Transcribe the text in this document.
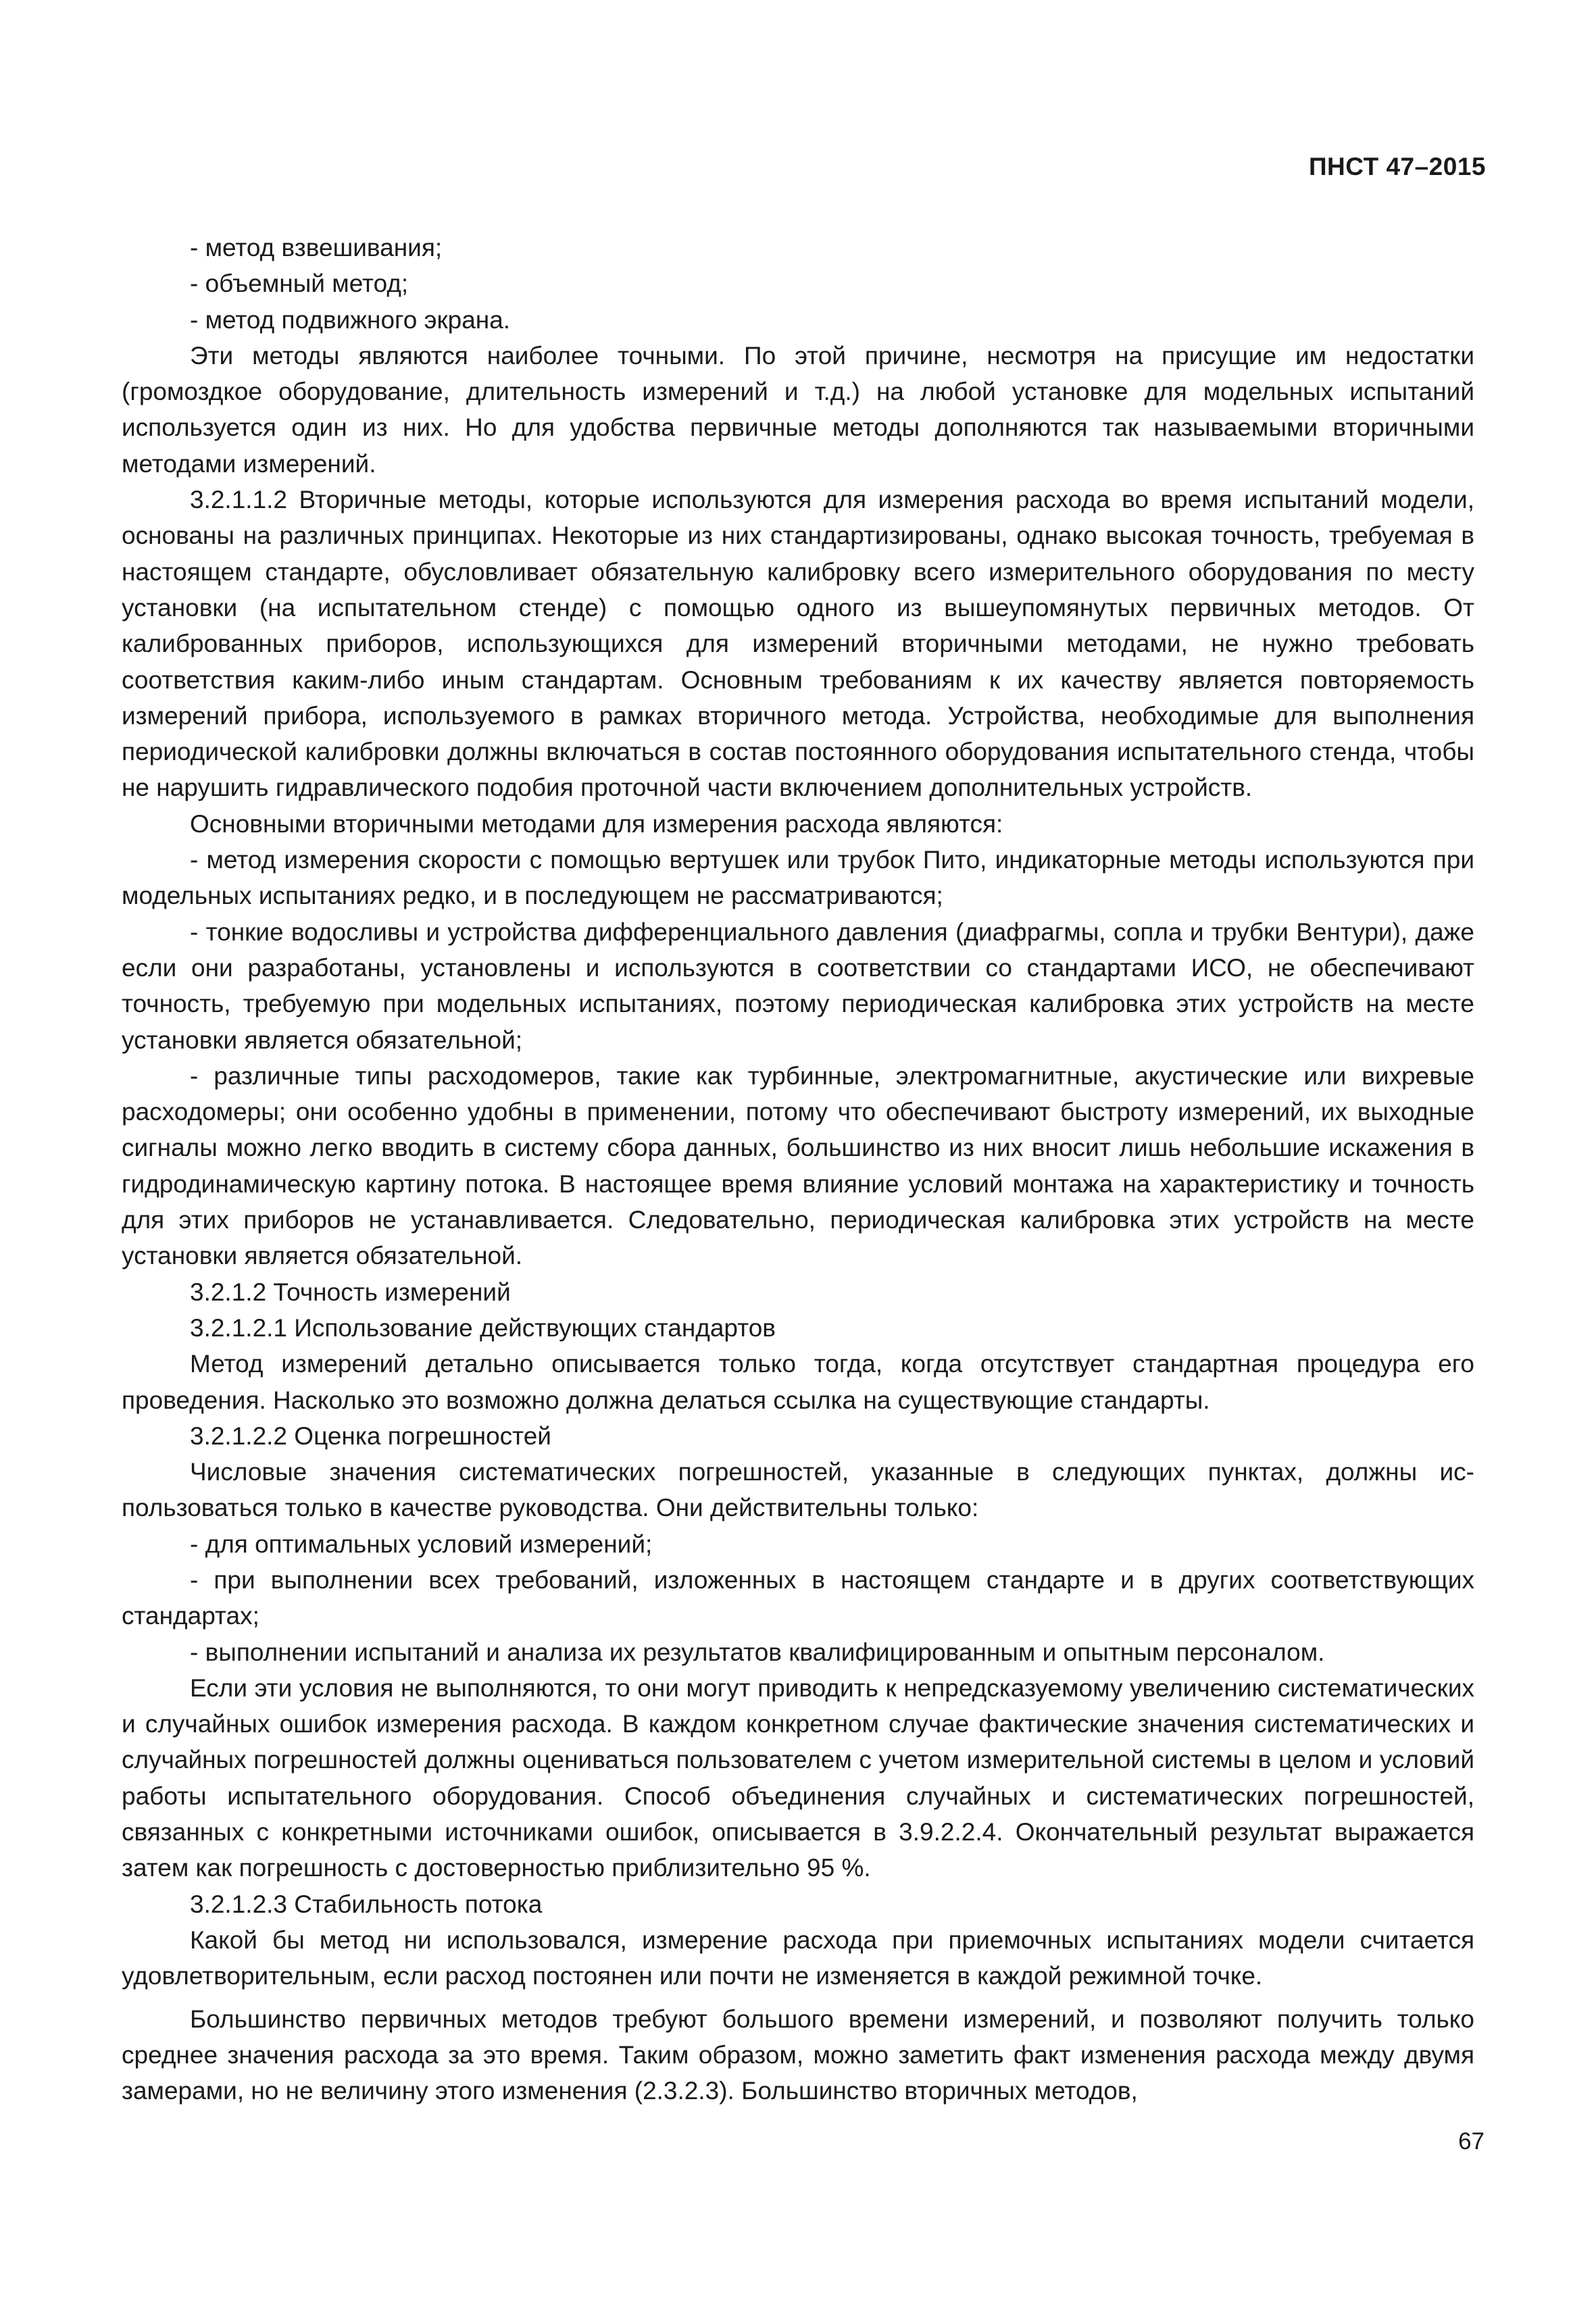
ПНСТ 47–2015

- метод взвешивания;

- объемный метод;

- метод подвижного экрана.

Эти методы являются наиболее точными. По этой причине, несмотря на присущие им недостатки (громоздкое оборудование, длительность измерений и т.д.) на любой установке для модельных испытаний используется один из них. Но для удобства первичные методы дополняются так называемыми вторичными методами измерений.

3.2.1.1.2 Вторичные методы, которые используются для измерения расхода во время испытаний модели, основаны на различных принципах. Некоторые из них стандартизированы, однако высокая точность, требуемая в настоящем стандарте, обусловливает обязательную калибровку всего измерительного оборудования по месту установки (на испытательном стенде) с помощью одного из вышеупомянутых первичных методов. От калиброванных приборов, использующихся для измерений вторичными методами, не нужно требовать соответствия каким-либо иным стандартам. Основным требованиям к их качеству является повторяемость измерений прибора, используемого в рамках вторичного метода. Устройства, необходимые для выполнения периодической калибровки должны включаться в состав постоянного оборудования испытательного стенда, чтобы не нарушить гидравлического подобия проточной части включением дополнительных устройств.

Основными вторичными методами для измерения расхода являются:

- метод измерения скорости с помощью вертушек или трубок Пито, индикаторные методы используются при модельных испытаниях редко, и в последующем не рассматриваются;

- тонкие водосливы и устройства дифференциального давления (диафрагмы, сопла и трубки Вентури), даже если они разработаны, установлены и используются в соответствии со стандартами ИСО, не обеспечивают точность, требуемую при модельных испытаниях, поэтому периодическая калибровка этих устройств на месте установки является обязательной;

- различные типы расходомеров, такие как турбинные, электромагнитные, акустические или вихревые расходомеры; они особенно удобны в применении, потому что обеспечивают быстроту измерений, их выходные сигналы можно легко вводить в систему сбора данных, большинство из них вносит лишь небольшие искажения в гидродинамическую картину потока. В настоящее время влияние условий монтажа на характеристику и точность для этих приборов не устанавливается. Следовательно, периодическая калибровка этих устройств на месте установки является обязательной.

3.2.1.2 Точность измерений

3.2.1.2.1 Использование действующих стандартов

Метод измерений детально описывается только тогда, когда отсутствует стандартная процедура его проведения. Насколько это возможно должна делаться ссылка на существующие стандарты.

3.2.1.2.2 Оценка погрешностей

Числовые значения систематических погрешностей, указанные в следующих пунктах, должны использоваться только в качестве руководства. Они действительны только:

- для оптимальных условий измерений;

- при выполнении всех требований, изложенных в настоящем стандарте и в других соответствующих стандартах;

- выполнении испытаний и анализа их результатов квалифицированным и опытным персоналом.

Если эти условия не выполняются, то они могут приводить к непредсказуемому увеличению систематических и случайных ошибок измерения расхода. В каждом конкретном случае фактические значения систематических и случайных погрешностей должны оцениваться пользователем с учетом измерительной системы в целом и условий работы испытательного оборудования. Способ объединения случайных и систематических погрешностей, связанных с конкретными источниками ошибок, описывается в 3.9.2.2.4. Окончательный результат выражается затем как погрешность с достоверностью приблизительно 95 %.

3.2.1.2.3 Стабильность потока

Какой бы метод ни использовался, измерение расхода при приемочных испытаниях модели считается удовлетворительным, если расход постоянен или почти не изменяется в каждой режимной точке.

Большинство первичных методов требуют большого времени измерений, и позволяют получить только среднее значения расхода за это время. Таким образом, можно заметить факт изменения расхода между двумя замерами, но не величину этого изменения (2.3.2.3). Большинство вторичных методов,

67
